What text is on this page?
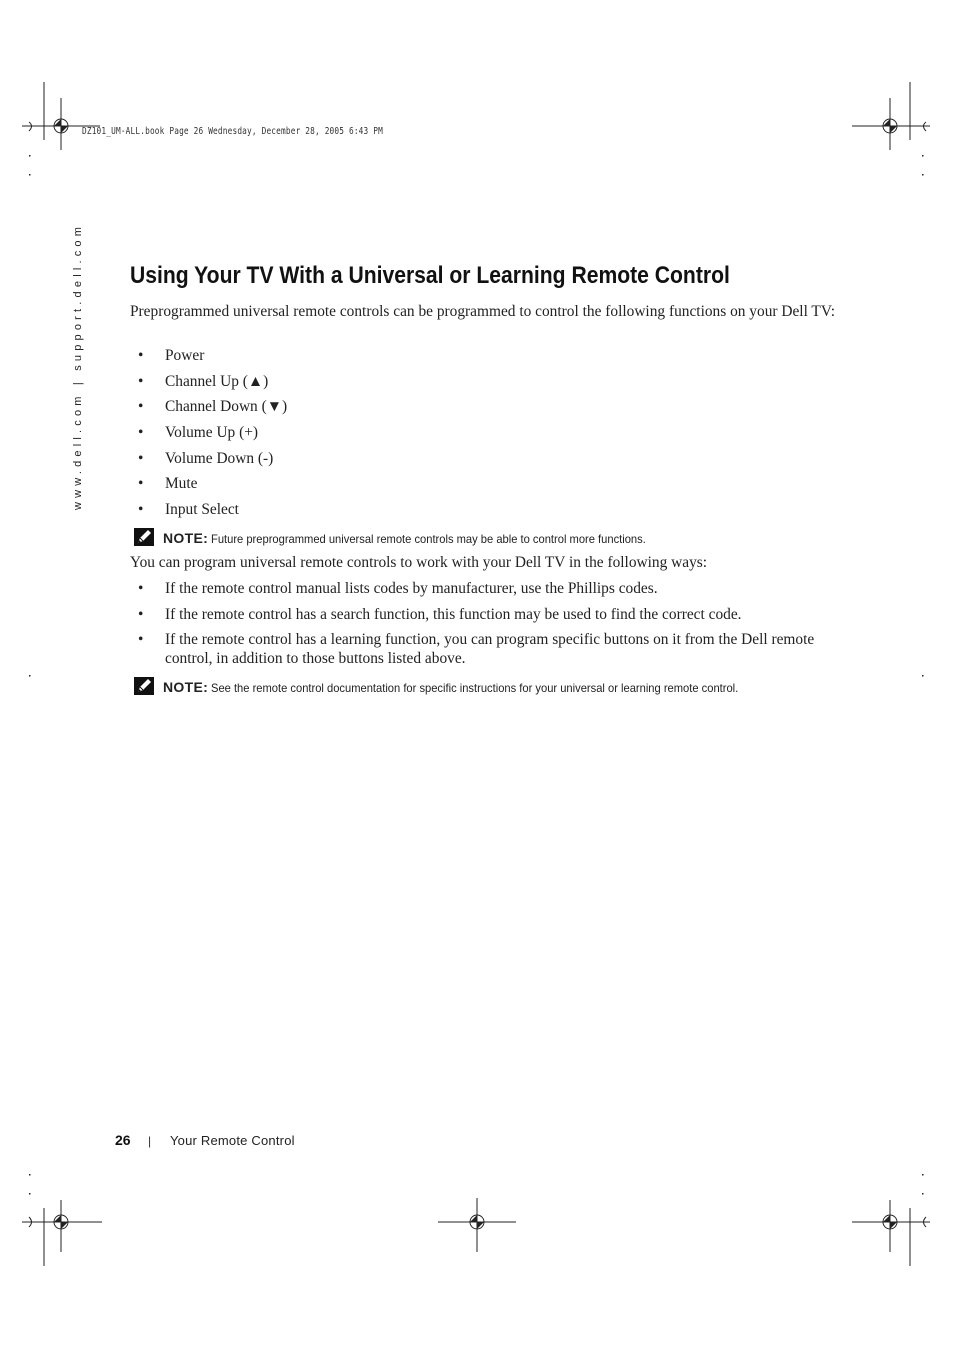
DZ101_UM-ALL.book Page 26 Wednesday, December 28, 2005 6:43 PM
www.dell.com | support.dell.com Using Your TV With a Universal or Learning Remote Control

Preprogrammed universal remote controls can be programmed to control the following functions on your Dell TV:

• Power
• Channel Up (▲)
• Channel Down (▼)
• Volume Up (+)
• Volume Down (-)
• Mute
• Input Select
NOTE: Future preprogrammed universal remote controls may be able to control more functions.

You can program universal remote controls to work with your Dell TV in the following ways:

• If the remote control manual lists codes by manufacturer, use the Phillips codes.
• If the remote control has a search function, this function may be used to find the correct code.
• If the remote control has a learning function, you can program specific buttons on it from the Dell remote control, in addition to those buttons listed above.
NOTE: See the remote control documentation for specific instructions for your universal or learning remote control.
26 | Your Remote Control
